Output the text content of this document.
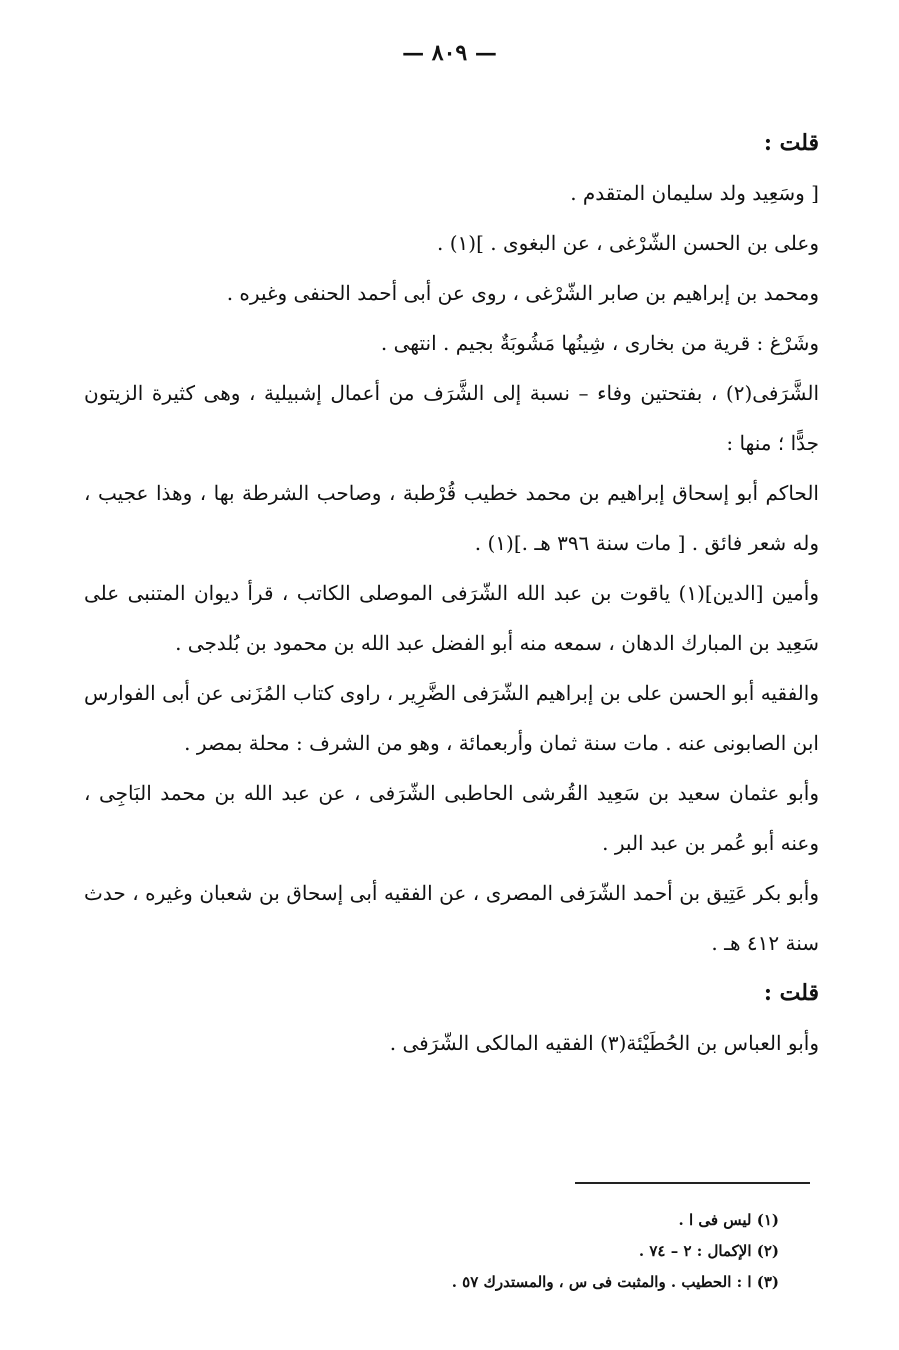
— ٨٠٩ —

قلت :

[ وسَعِيد ولد سليمان المتقدم .

وعلى بن الحسن الشّرْغى ، عن البغوى . ](١) .

ومحمد بن إبراهيم بن صابر الشّرْغى ، روى عن أبى أحمد الحنفى وغيره .

وشَرْغ : قرية من بخارى ، شِينُها مَشُوبَةٌ بجيم . انتهى .

الشَّرَفى(٢) ، بفتحتين وفاء – نسبة إلى الشَّرَف من أعمال إشبيلية ، وهى كثيرة الزيتون جدًّا ؛ منها :

الحاكم أبو إسحاق إبراهيم بن محمد خطيب قُرْطبة ، وصاحب الشرطة بها ، وهذا عجيب ، وله شعر فائق . [ مات سنة ٣٩٦ هـ .](١) .

وأمين [الدين](١) ياقوت بن عبد الله الشّرَفى الموصلى الكاتب ، قرأ ديوان المتنبى على سَعِيد بن المبارك الدهان ، سمعه منه أبو الفضل عبد الله بن محمود بن بُلدجى .

والفقيه أبو الحسن على بن إبراهيم الشّرَفى الضَّرِير ، راوى كتاب المُزَنى عن أبى الفوارس ابن الصابونى عنه . مات سنة ثمان وأربعمائة ، وهو من الشرف : محلة بمصر .

وأبو عثمان سعيد بن سَعِيد القُرشى الحاطبى الشّرَفى ، عن عبد الله بن محمد البَاجِى ، وعنه أبو عُمر بن عبد البر .

وأبو بكر عَتِيق بن أحمد الشّرَفى المصرى ، عن الفقيه أبى إسحاق بن شعبان وغيره ، حدث سنة ٤١٢ هـ .

قلت :

وأبو العباس بن الحُطَيْئة(٣) الفقيه المالكى الشّرَفى .

(١) ليس فى ا .
(٢) الإكمال : ٢ – ٧٤ .
(٣) ا : الحطيب . والمثبت فى س ، والمستدرك ٥٧ .
